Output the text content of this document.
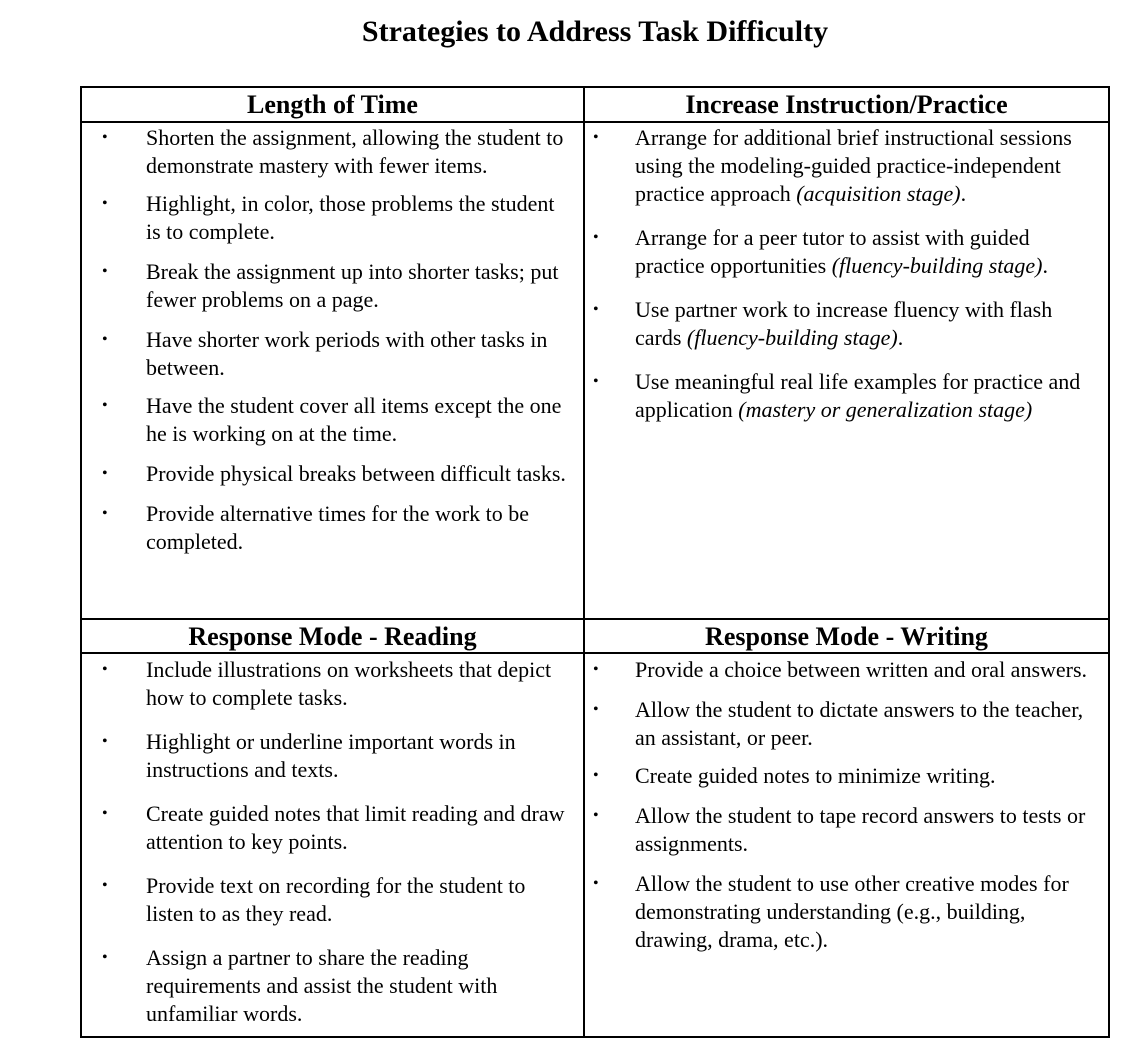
Strategies to Address Task Difficulty
Length of Time
• Shorten the assignment, allowing the student to demonstrate mastery with fewer items.
• Highlight, in color, those problems the student is to complete.
• Break the assignment up into shorter tasks; put fewer problems on a page.
• Have shorter work periods with other tasks in between.
• Have the student cover all items except the one he is working on at the time.
• Provide physical breaks between difficult tasks.
• Provide alternative times for the work to be completed.
Increase Instruction/Practice
• Arrange for additional brief instructional sessions using the modeling-guided practice-independent practice approach (acquisition stage).
• Arrange for a peer tutor to assist with guided practice opportunities (fluency-building stage).
• Use partner work to increase fluency with flash cards (fluency-building stage).
• Use meaningful real life examples for practice and application (mastery or generalization stage)
Response Mode - Reading
• Include illustrations on worksheets that depict how to complete tasks.
• Highlight or underline important words in instructions and texts.
• Create guided notes that limit reading and draw attention to key points.
• Provide text on recording for the student to listen to as they read.
• Assign a partner to share the reading requirements and assist the student with unfamiliar words.
Response Mode - Writing
• Provide a choice between written and oral answers.
• Allow the student to dictate answers to the teacher, an assistant, or peer.
• Create guided notes to minimize writing.
• Allow the student to tape record answers to tests or assignments.
• Allow the student to use other creative modes for demonstrating understanding (e.g., building, drawing, drama, etc.).
